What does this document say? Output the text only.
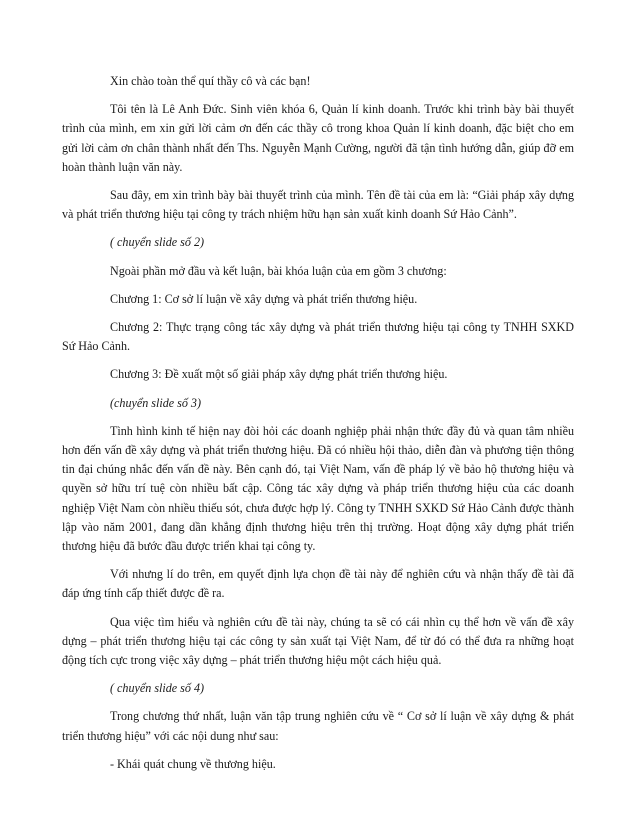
Xin chào toàn thể quí thầy cô và các bạn!

Tôi tên là Lê Anh Đức. Sinh viên khóa 6, Quản lí kinh doanh. Trước khi trình bày bài thuyết trình của mình, em xin gửi lời cảm ơn đến các thầy cô trong khoa Quản lí kinh doanh, đặc biệt cho em gửi lời cảm ơn chân thành nhất đến Ths. Nguyễn Mạnh Cường, người đã tận tình hướng dẫn, giúp đỡ em hoàn thành luận văn này.

Sau đây, em xin trình bày bài thuyết trình của mình. Tên đề tài của em là: “Giải pháp xây dựng và phát triển thương hiệu tại công ty trách nhiệm hữu hạn sản xuất kinh doanh Sứ Hảo Cảnh”.

( chuyển slide số 2)

Ngoài phần mở đầu và kết luận, bài khóa luận của em gồm 3 chương:

Chương 1: Cơ sở lí luận về xây dựng và phát triển thương hiệu.

Chương 2: Thực trạng công tác xây dựng và phát triển thương hiệu tại công ty TNHH SXKD Sứ Hảo Cảnh.

Chương 3: Đề xuất một số giải pháp xây dựng phát triển thương hiệu.

(chuyển slide số 3)

Tình hình kinh tế hiện nay đòi hỏi các doanh nghiệp phải nhận thức đầy đủ và quan tâm nhiều hơn đến vấn đề xây dựng và phát triển thương hiệu. Đã có nhiều hội thảo, diễn đàn và phương tiện thông tin đại chúng nhắc đến vấn đề này. Bên cạnh đó, tại Việt Nam, vấn đề pháp lý về bảo hộ thương hiệu và quyền sở hữu trí tuệ còn nhiều bất cập. Công tác xây dựng và pháp triển thương hiệu của các doanh nghiệp Việt Nam còn nhiều thiếu sót, chưa được hợp lý. Công ty TNHH SXKD Sứ Hảo Cảnh được thành lập vào năm 2001, đang dần khẳng định thương hiệu trên thị trường. Hoạt động xây dựng phát triển thương hiệu đã bước đầu được triển khai tại công ty.

Với nhưng lí do trên, em quyết định lựa chọn đề tài này để nghiên cứu và nhận thấy đề tài đã đáp ứng tính cấp thiết được đề ra.

Qua việc tìm hiểu và nghiên cứu đề tài này, chúng ta sẽ có cái nhìn cụ thể hơn về vấn đề xây dựng – phát triển thương hiệu tại các công ty sản xuất tại Việt Nam, để từ đó có thể đưa ra những hoạt động tích cực trong việc xây dựng – phát triển thương hiệu một cách hiệu quả.

( chuyển slide số 4)

Trong chương thứ nhất, luận văn tập trung nghiên cứu về “ Cơ sở lí luận về xây dựng & phát triển thương hiệu” với các nội dung như sau:

- Khái quát chung về thương hiệu.
